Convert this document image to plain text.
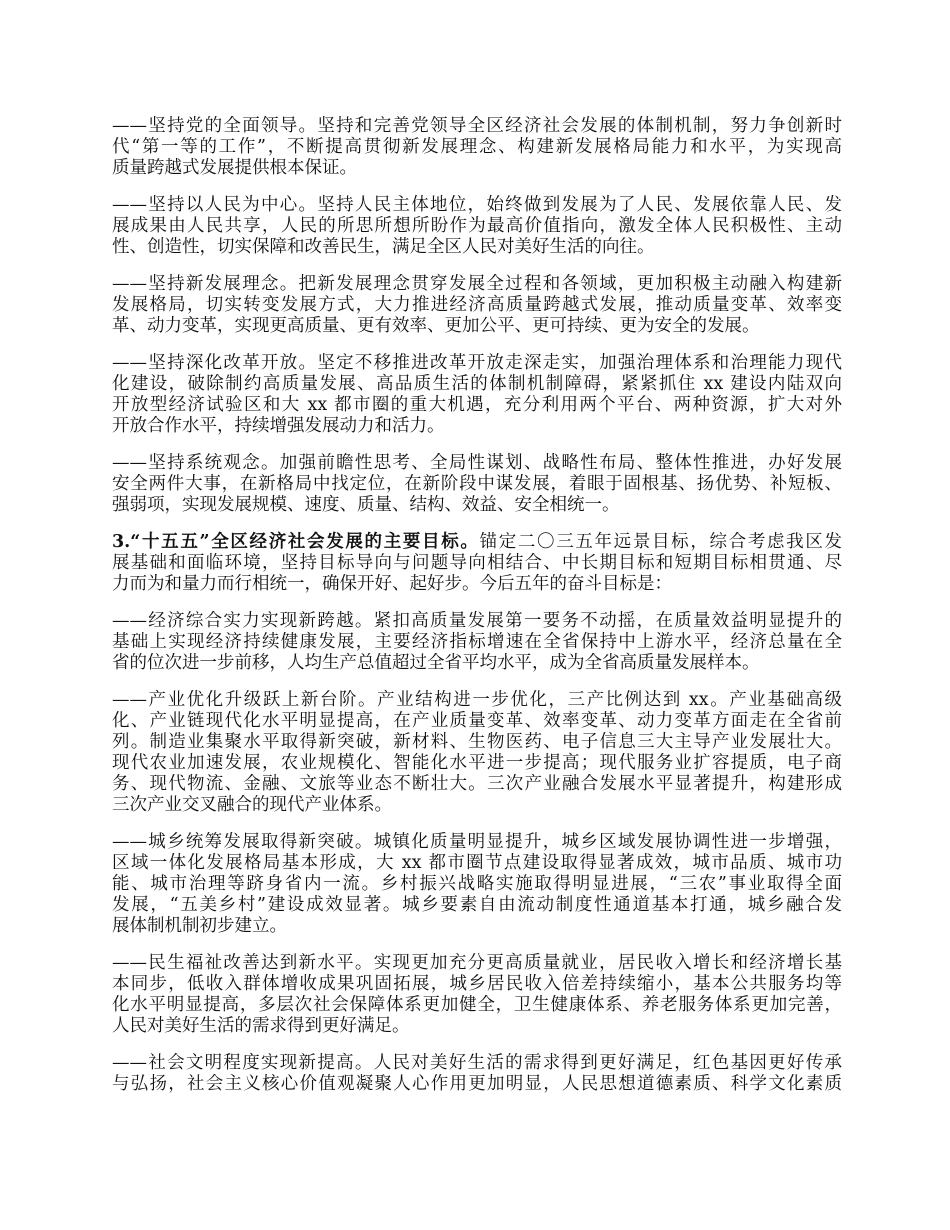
——坚持党的全面领导。坚持和完善党领导全区经济社会发展的体制机制，努力争创新时
代“第一等的工作”，不断提高贯彻新发展理念、构建新发展格局能力和水平，为实现高
质量跨越式发展提供根本保证。
——坚持以人民为中心。坚持人民主体地位，始终做到发展为了人民、发展依靠人民、发
展成果由人民共享，人民的所思所想所盼作为最高价值指向，激发全体人民积极性、主动
性、创造性，切实保障和改善民生，满足全区人民对美好生活的向往。
——坚持新发展理念。把新发展理念贯穿发展全过程和各领域，更加积极主动融入构建新
发展格局，切实转变发展方式，大力推进经济高质量跨越式发展，推动质量变革、效率变
革、动力变革，实现更高质量、更有效率、更加公平、更可持续、更为安全的发展。
——坚持深化改革开放。坚定不移推进改革开放走深走实，加强治理体系和治理能力现代
化建设，破除制约高质量发展、高品质生活的体制机制障碍，紧紧抓住 xx 建设内陆双向
开放型经济试验区和大 xx 都市圈的重大机遇，充分利用两个平台、两种资源，扩大对外
开放合作水平，持续增强发展动力和活力。
——坚持系统观念。加强前瞻性思考、全局性谋划、战略性布局、整体性推进，办好发展
安全两件大事，在新格局中找定位，在新阶段中谋发展，着眼于固根基、扬优势、补短板、
强弱项，实现发展规模、速度、质量、结构、效益、安全相统一。
3.“十五五”全区经济社会发展的主要目标。锚定二〇三五年远景目标，综合考虑我区发
展基础和面临环境，坚持目标导向与问题导向相结合、中长期目标和短期目标相贯通、尽
力而为和量力而行相统一，确保开好、起好步。今后五年的奋斗目标是：
——经济综合实力实现新跨越。紧扣高质量发展第一要务不动摇，在质量效益明显提升的
基础上实现经济持续健康发展，主要经济指标增速在全省保持中上游水平，经济总量在全
省的位次进一步前移，人均生产总值超过全省平均水平，成为全省高质量发展样本。
——产业优化升级跃上新台阶。产业结构进一步优化，三产比例达到 xx。产业基础高级
化、产业链现代化水平明显提高，在产业质量变革、效率变革、动力变革方面走在全省前
列。制造业集聚水平取得新突破，新材料、生物医药、电子信息三大主导产业发展壮大。
现代农业加速发展，农业规模化、智能化水平进一步提高；现代服务业扩容提质，电子商
务、现代物流、金融、文旅等业态不断壮大。三次产业融合发展水平显著提升，构建形成
三次产业交叉融合的现代产业体系。
——城乡统筹发展取得新突破。城镇化质量明显提升，城乡区域发展协调性进一步增强，
区域一体化发展格局基本形成，大 xx 都市圈节点建设取得显著成效，城市品质、城市功
能、城市治理等跻身省内一流。乡村振兴战略实施取得明显进展，“三农”事业取得全面
发展，“五美乡村”建设成效显著。城乡要素自由流动制度性通道基本打通，城乡融合发
展体制机制初步建立。
——民生福祉改善达到新水平。实现更加充分更高质量就业，居民收入增长和经济增长基
本同步，低收入群体增收成果巩固拓展，城乡居民收入倍差持续缩小，基本公共服务均等
化水平明显提高，多层次社会保障体系更加健全，卫生健康体系、养老服务体系更加完善，
人民对美好生活的需求得到更好满足。
——社会文明程度实现新提高。人民对美好生活的需求得到更好满足，红色基因更好传承
与弘扬，社会主义核心价值观凝聚人心作用更加明显，人民思想道德素质、科学文化素质
